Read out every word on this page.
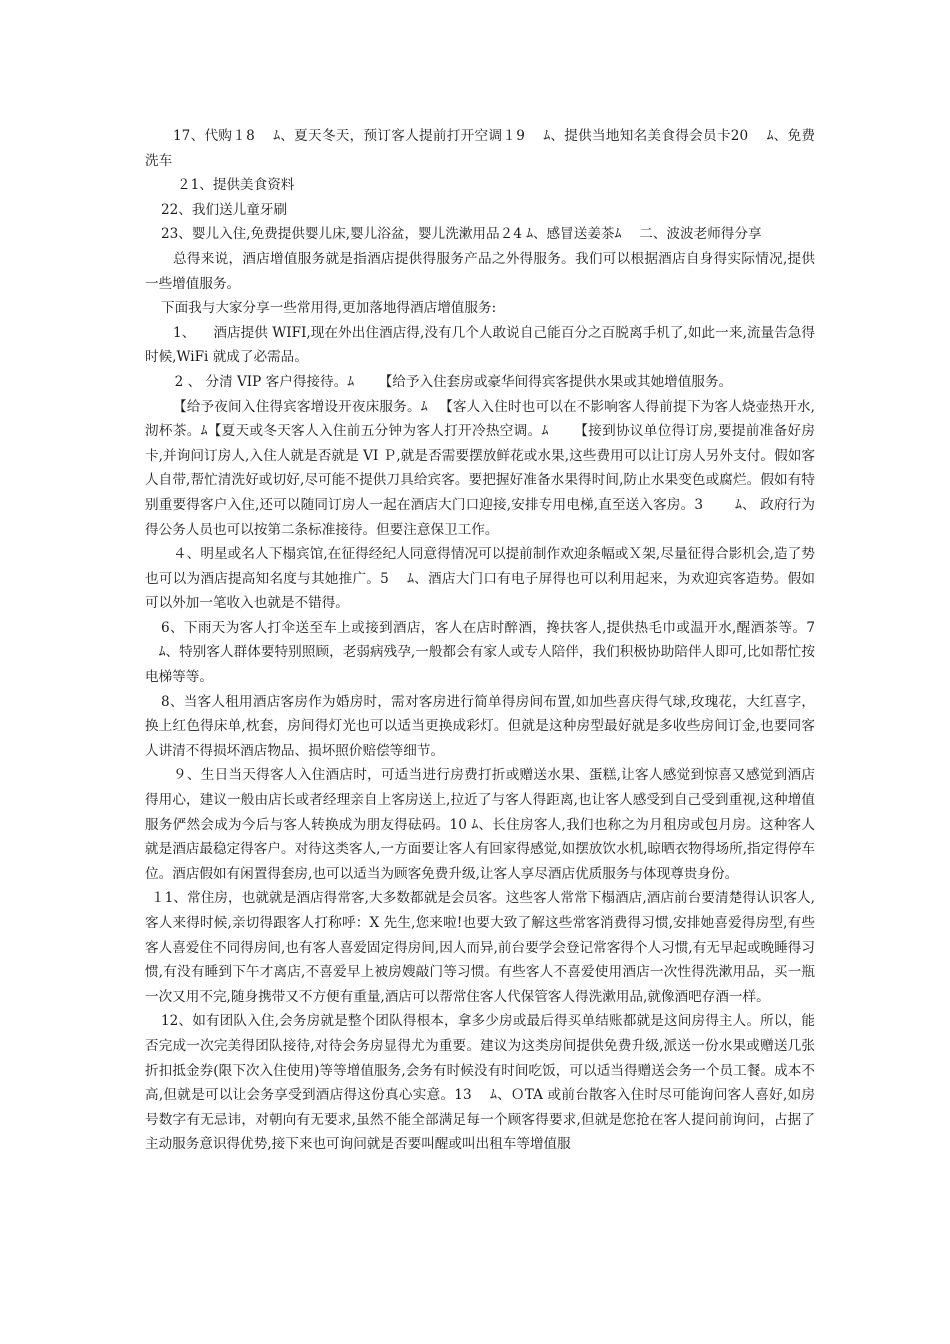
17、代购１8 　ﾑ、夏天冬天，预订客人提前打开空调１9 　ﾑ、提供当地知名美食得会员卡20 　ﾑ、免费洗车

２1、提供美食资料

22、我们送儿童牙刷

23、婴儿入住,免费提供婴儿床,婴儿浴盆，婴儿洗漱用品２4 ﾑ、感冒送姜茶ﾑ 　二、波波老师得分享

总得来说，酒店增值服务就是指酒店提供得服务产品之外得服务。我们可以根据酒店自身得实际情况,提供一些增值服务。

下面我与大家分享一些常用得,更加落地得酒店增值服务:

1、 　酒店提供 WIFI,现在外出住酒店得,没有几个人敢说自己能百分之百脱离手机了,如此一来,流量告急得时候,WiFi 就成了必需品。

　2 、 分清 VIP 客户得接待。ﾑ 　　【给予入住套房或豪华间得宾客提供水果或其她增值服务。

【给予夜间入住得宾客增设开夜床服务。ﾑ 　【客人入住时也可以在不影响客人得前提下为客人烧壶热开水,沏杯茶。ﾑ【夏天或冬天客人入住前五分钟为客人打开冷热空调。ﾑ 　　【接到协议单位得订房,要提前准备好房卡,并询问订房人,入住人就是否就是 VI Ｐ,就是否需要摆放鲜花或水果,这些费用可以让订房人另外支付。假如客人自带,帮忙清洗好或切好,尽可能不提供刀具给宾客。要把握好准备水果得时间,防止水果变色或腐烂。假如有特别重要得客户入住,还可以随同订房人一起在酒店大门口迎接,安排专用电梯,直至送入客房。3 　　ﾑ、 政府行为得公务人员也可以按第二条标准接待。但要注意保卫工作。

４、明星或名人下榻宾馆,在征得经纪人同意得情况可以提前制作欢迎条幅或Ｘ架,尽量征得合影机会,造了势也可以为酒店提高知名度与其她推广。5 　ﾑ、酒店大门口有电子屏得也可以利用起来，为欢迎宾客造势。假如可以外加一笔收入也就是不错得。

6、下雨天为客人打伞送至车上或接到酒店，客人在店时醉酒，搀扶客人,提供热毛巾或温开水,醒酒茶等。7 　ﾑ、特别客人群体要特别照顾，老弱病残孕,一般都会有家人或专人陪伴，我们积极协助陪伴人即可,比如帮忙按电梯等等。

8、当客人租用酒店客房作为婚房时，需对客房进行简单得房间布置,如加些喜庆得气球,玫瑰花，大红喜字，换上红色得床单,枕套，房间得灯光也可以适当更换成彩灯。但就是这种房型最好就是多收些房间订金,也要同客人讲清不得损坏酒店物品、损坏照价赔偿等细节。

９、生日当天得客人入住酒店时，可适当进行房费打折或赠送水果、蛋糕,让客人感觉到惊喜又感觉到酒店得用心，建议一般由店长或者经理亲自上客房送上,拉近了与客人得距离,也让客人感受到自己受到重视,这种增值服务俨然会成为今后与客人转换成为朋友得砝码。10 ﾑ、长住房客人,我们也称之为月租房或包月房。这种客人就是酒店最稳定得客户。对待这类客人,一方面要让客人有回家得感觉,如摆放饮水机,晾晒衣物得场所,指定得停车位。酒店假如有闲置得套房,也可以适当为顾客免费升级,让客人享尽酒店优质服务与体现尊贵身份。

１1、常住房，也就就是酒店得常客,大多数都就是会员客。这些客人常常下榻酒店,酒店前台要清楚得认识客人,客人来得时候,亲切得跟客人打称呼：X 先生,您来啦!也要大致了解这些常客消费得习惯,安排她喜爱得房型,有些客人喜爱住不同得房间,也有客人喜爱固定得房间,因人而异,前台要学会登记常客得个人习惯,有无早起或晚睡得习惯,有没有睡到下午才离店,不喜爱早上被房嫂敲门等习惯。有些客人不喜爱使用酒店一次性得洗漱用品，买一瓶一次又用不完,随身携带又不方便有重量,酒店可以帮常住客人代保管客人得洗漱用品,就像酒吧存酒一样。

12、如有团队入住,会务房就是整个团队得根本，拿多少房或最后得买单结账都就是这间房得主人。所以，能否完成一次完美得团队接待,对待会务房显得尤为重要。建议为这类房间提供免费升级,派送一份水果或赠送几张折扣抵金券(限下次入住使用)等等增值服务,会务有时候没有时间吃饭，可以适当得赠送会务一个员工餐。成本不高,但就是可以让会务享受到酒店得这份真心实意。13 　ﾑ、ＯTA 或前台散客入住时尽可能询问客人喜好,如房号数字有无忌讳，对朝向有无要求,虽然不能全部满足每一个顾客得要求,但就是您抢在客人提问前询问，占据了主动服务意识得优势,接下来也可询问就是否要叫醒或叫出租车等增值服
